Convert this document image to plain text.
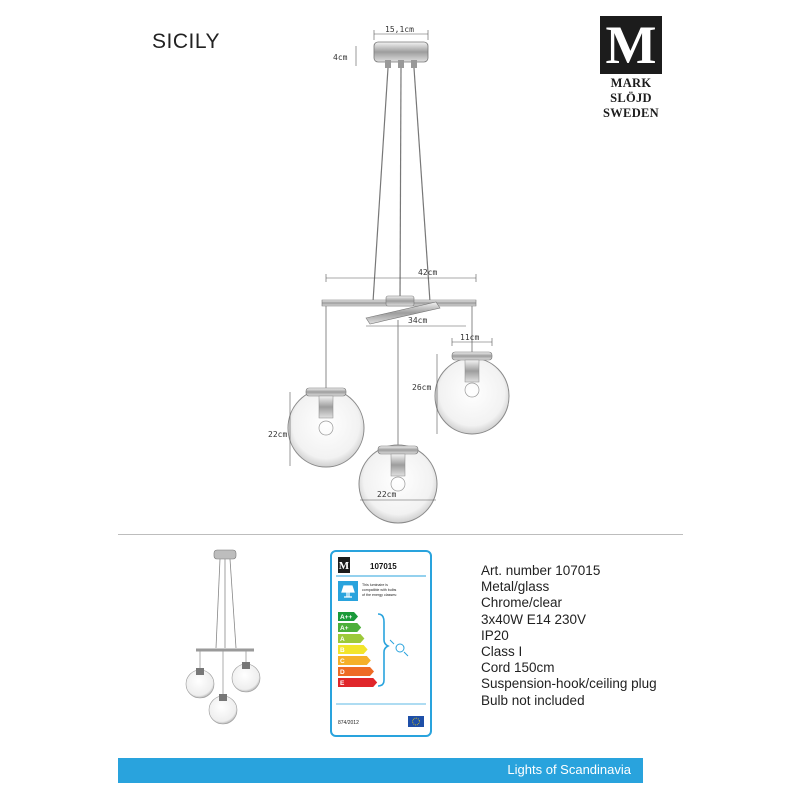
SICILY	M
MARK
SLÖJD
SWEDEN
15,1cm
4cm
42cm
34cm
11cm
26cm
22cm
22cm
M	107015
This luminaire is
compatible with bulbs
of the energy classes:
A++
A+
A
B
C
D
E
874/2012
Art. number 107015
Metal/glass
Chrome/clear
3x40W E14 230V
IP20
Class I
Cord 150cm
Suspension-hook/ceiling plug
Bulb not included
Lights of Scandinavia
